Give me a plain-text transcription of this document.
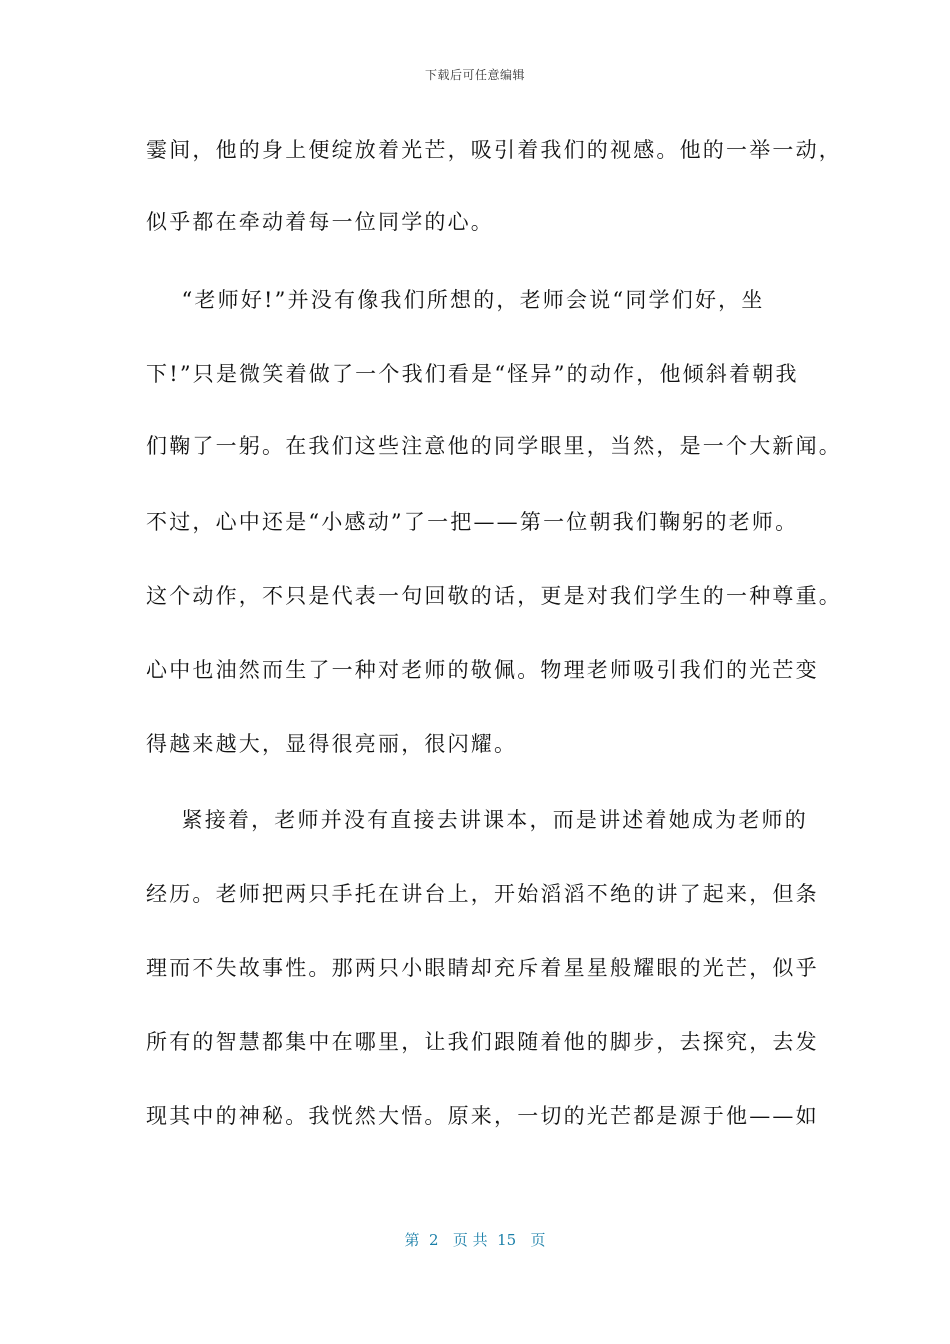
下载后可任意编辑
霎间，他的身上便绽放着光芒，吸引着我们的视感。他的一举一动，
似乎都在牵动着每一位同学的心。
“老师好!”并没有像我们所想的，老师会说“同学们好，坐
下!”只是微笑着做了一个我们看是“怪异”的动作，他倾斜着朝我
们鞠了一躬。在我们这些注意他的同学眼里，当然，是一个大新闻。
不过，心中还是“小感动”了一把——第一位朝我们鞠躬的老师。
这个动作，不只是代表一句回敬的话，更是对我们学生的一种尊重。
心中也油然而生了一种对老师的敬佩。物理老师吸引我们的光芒变
得越来越大，显得很亮丽，很闪耀。
紧接着，老师并没有直接去讲课本，而是讲述着她成为老师的
经历。老师把两只手托在讲台上，开始滔滔不绝的讲了起来，但条
理而不失故事性。那两只小眼睛却充斥着星星般耀眼的光芒，似乎
所有的智慧都集中在哪里，让我们跟随着他的脚步，去探究，去发
现其中的神秘。我恍然大悟。原来，一切的光芒都是源于他——如
第  2   页 共  15   页
